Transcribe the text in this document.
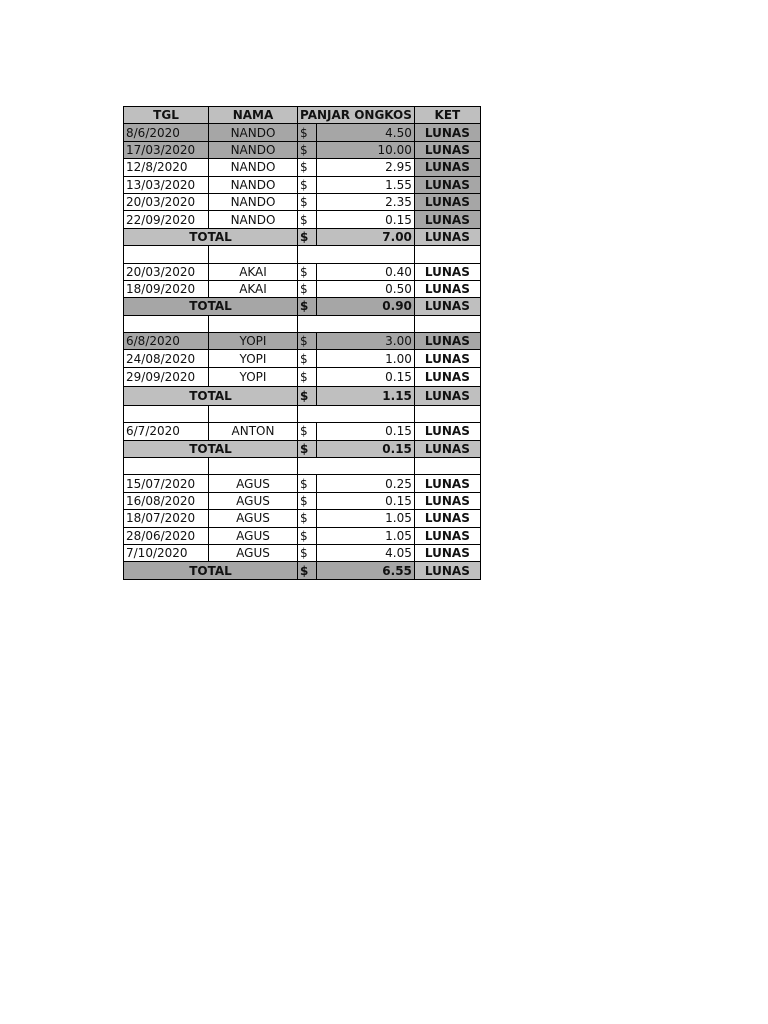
TGL	NAMA	PANJAR ONGKOS		KET
8/6/2020	NANDO	$	4.50	LUNAS
17/03/2020	NANDO	$	10.00	LUNAS
12/8/2020	NANDO	$	2.95	LUNAS
13/03/2020	NANDO	$	1.55	LUNAS
20/03/2020	NANDO	$	2.35	LUNAS
22/09/2020	NANDO	$	0.15	LUNAS
TOTAL		$	7.00	LUNAS

20/03/2020	AKAI	$	0.40	LUNAS
18/09/2020	AKAI	$	0.50	LUNAS
TOTAL		$	0.90	LUNAS

6/8/2020	YOPI	$	3.00	LUNAS
24/08/2020	YOPI	$	1.00	LUNAS
29/09/2020	YOPI	$	0.15	LUNAS
TOTAL		$	1.15	LUNAS

6/7/2020	ANTON	$	0.15	LUNAS
TOTAL		$	0.15	LUNAS

15/07/2020	AGUS	$	0.25	LUNAS
16/08/2020	AGUS	$	0.15	LUNAS
18/07/2020	AGUS	$	1.05	LUNAS
28/06/2020	AGUS	$	1.05	LUNAS
7/10/2020	AGUS	$	4.05	LUNAS
TOTAL		$	6.55	LUNAS
